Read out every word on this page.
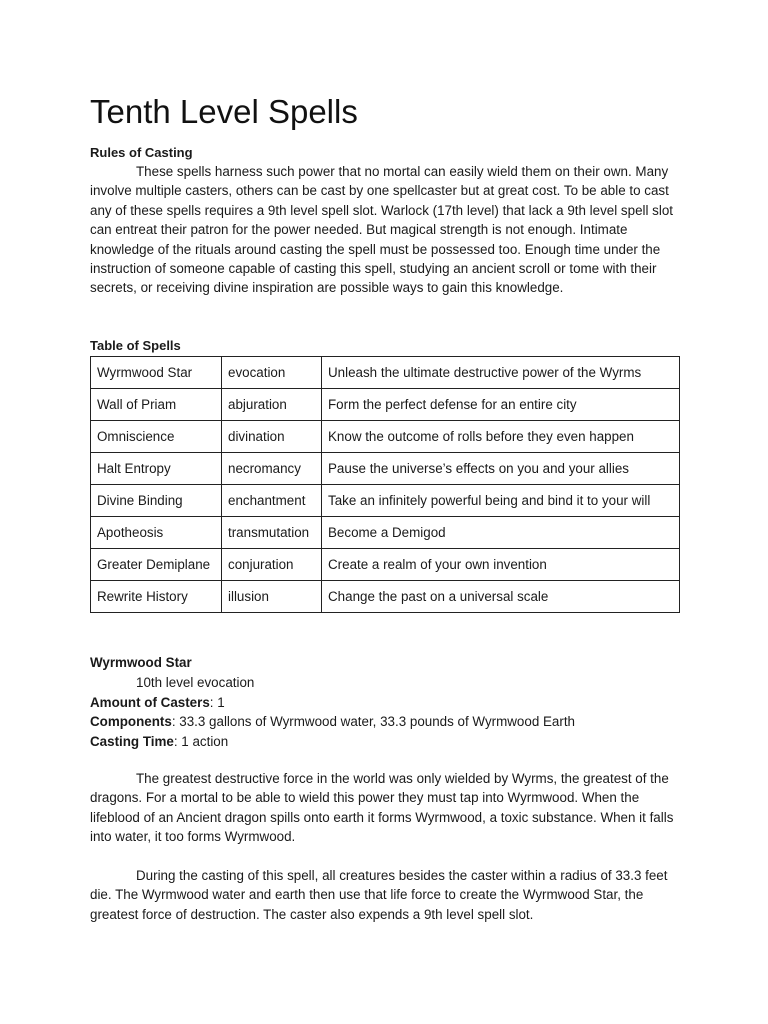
Tenth Level Spells
Rules of Casting

These spells harness such power that no mortal can easily wield them on their own. Many involve multiple casters, others can be cast by one spellcaster but at great cost. To be able to cast any of these spells requires a 9th level spell slot. Warlock (17th level) that lack a 9th level spell slot can entreat their patron for the power needed. But magical strength is not enough. Intimate knowledge of the rituals around casting the spell must be possessed too. Enough time under the instruction of someone capable of casting this spell, studying an ancient scroll or tome with their secrets, or receiving divine inspiration are possible ways to gain this knowledge.

Table of Spells
Wyrmwood Star	evocation	Unleash the ultimate destructive power of the Wyrms
Wall of Priam	abjuration	Form the perfect defense for an entire city
Omniscience	divination	Know the outcome of rolls before they even happen
Halt Entropy	necromancy	Pause the universe’s effects on you and your allies
Divine Binding	enchantment	Take an infinitely powerful being and bind it to your will
Apotheosis	transmutation	Become a Demigod
Greater Demiplane	conjuration	Create a realm of your own invention
Rewrite History	illusion	Change the past on a universal scale
Wyrmwood Star
10th level evocation
Amount of Casters: 1
Components: 33.3 gallons of Wyrmwood water, 33.3 pounds of Wyrmwood Earth
Casting Time: 1 action

The greatest destructive force in the world was only wielded by Wyrms, the greatest of the dragons. For a mortal to be able to wield this power they must tap into Wyrmwood. When the lifeblood of an Ancient dragon spills onto earth it forms Wyrmwood, a toxic substance. When it falls into water, it too forms Wyrmwood.

During the casting of this spell, all creatures besides the caster within a radius of 33.3 feet die. The Wyrmwood water and earth then use that life force to create the Wyrmwood Star, the greatest force of destruction. The caster also expends a 9th level spell slot.
